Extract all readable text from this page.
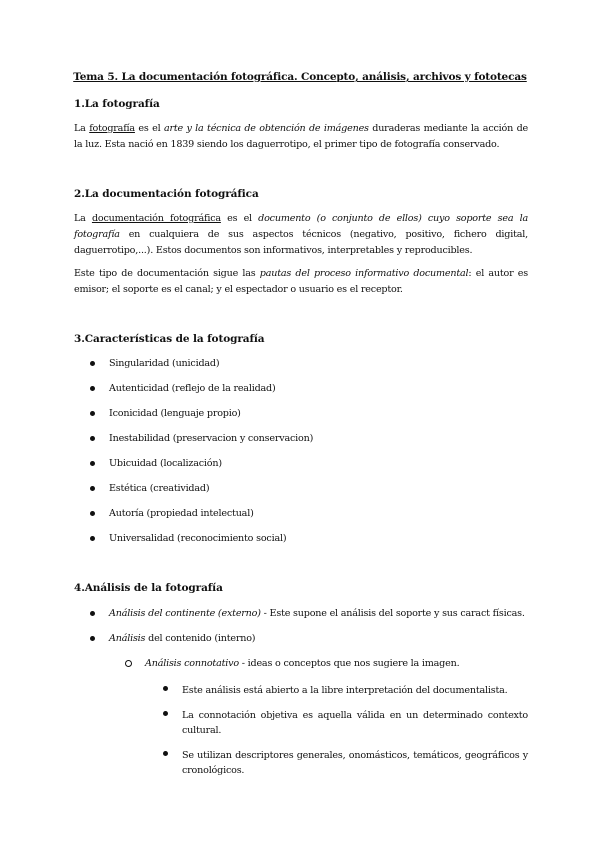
Tema 5. La documentación fotográfica. Concepto, análisis, archivos y fototecas
1.La fotografía
La fotografía es el arte y la técnica de obtención de imágenes duraderas mediante la acción de la luz. Esta nació en 1839 siendo los daguerrotipo, el primer tipo de fotografía conservado.
2.La documentación fotográfica
La documentación fotográfica es el documento (o conjunto de ellos) cuyo soporte sea la fotografía en cualquiera de sus aspectos técnicos (negativo, positivo, fichero digital, daguerrotipo,...). Estos documentos son informativos, interpretables y reproducibles.
Este tipo de documentación sigue las pautas del proceso informativo documental: el autor es emisor; el soporte es el canal; y el espectador o usuario es el receptor.
3.Características de la fotografía
Singularidad (unicidad)
Autenticidad (reflejo de la realidad)
Iconicidad (lenguaje propio)
Inestabilidad (preservacion y conservacion)
Ubicuidad (localización)
Estética (creatividad)
Autoría (propiedad intelectual)
Universalidad (reconocimiento social)
4.Análisis de la fotografía
Análisis del continente (externo) - Este supone el análisis del soporte y sus caract físicas.
Análisis del contenido (interno)
Análisis connotativo - ideas o conceptos que nos sugiere la imagen.
Este análisis está abierto a la libre interpretación del documentalista.
La connotación objetiva es aquella válida en un determinado contexto cultural.
Se utilizan descriptores generales, onomásticos, temáticos, geográficos y cronológicos.
